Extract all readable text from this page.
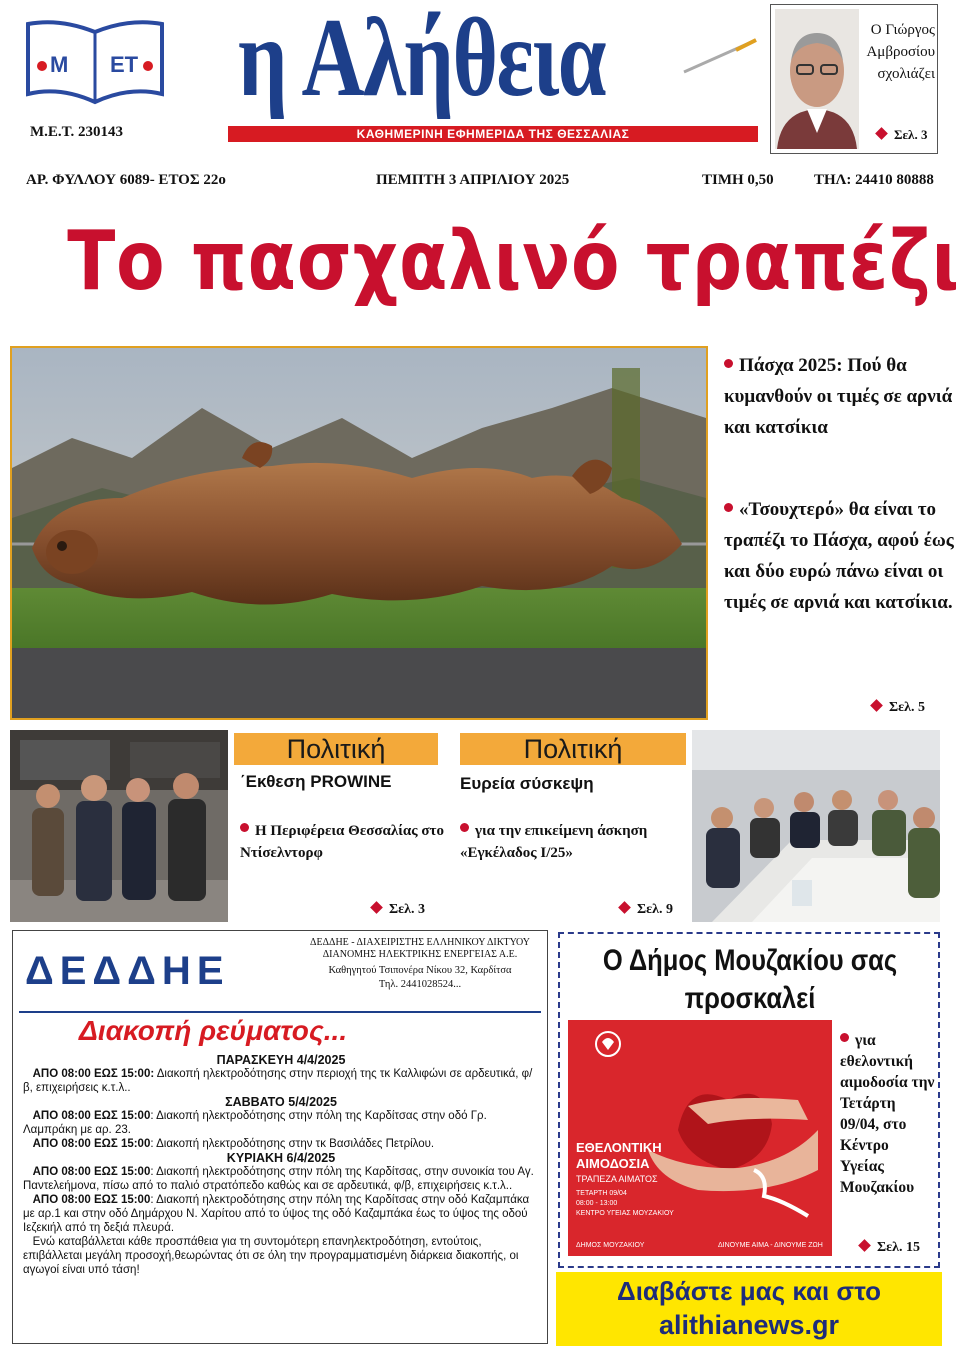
Μ ΕΤ
Μ.Ε.Τ. 230143
η Αλήθεια
ΚΑΘΗΜΕΡΙΝΗ ΕΦΗΜΕΡΙΔΑ ΤΗΣ ΘΕΣΣΑΛΙΑΣ
Ο Γιώργος
Αμβροσίου
σχολιάζει
Σελ. 3
ΑΡ. ΦΥΛΛΟΥ 6089- ΕΤΟΣ 22ο	ΠΕΜΠΤΗ 3 ΑΠΡΙΛΙΟΥ 2025	ΤΙΜΗ 0,50	ΤΗΛ: 24410 80888
Το πασχαλινό τραπέζι
Πάσχα 2025: Πού θα κυμανθούν οι τιμές σε αρνιά και κατσίκια
«Τσουχτερό» θα είναι το τραπέζι το Πάσχα, αφού έως και δύο ευρώ πάνω είναι οι τιμές σε αρνιά και κατσίκια.
Σελ. 5
Πολιτική
΄Εκθεση PROWINE
Η Περιφέρεια Θεσσαλίας στο Ντίσελντορφ
Σελ. 3
Πολιτική
Ευρεία σύσκεψη
για την επικείμενη άσκηση «Εγκέλαδος Ι/25»
Σελ. 9
ΔΕΔΔΗΕ
ΔΕΔΔΗΕ - ΔΙΑΧΕΙΡΙΣΤΗΣ ΕΛΛΗΝΙΚΟΥ ΔΙΚΤΥΟΥ ΔΙΑΝΟΜΗΣ ΗΛΕΚΤΡΙΚΗΣ ΕΝΕΡΓΕΙΑΣ Α.Ε.
Καθηγητού Τσιπονέρα Νίκου 32, Καρδίτσα
Τηλ. 2441028524...
Διακοπή ρεύματος...
ΠΑΡΑΣΚΕΥΗ 4/4/2025
ΑΠΟ 08:00 ΕΩΣ 15:00: Διακοπή ηλεκτροδότησης στην περιοχή της τκ Καλλιφώνι σε αρδευτικά, φ/β, επιχειρήσεις κ.τ.λ..
ΣΑΒΒΑΤΟ 5/4/2025
ΑΠΟ 08:00 ΕΩΣ 15:00: Διακοπή ηλεκτροδότησης στην πόλη της Καρδίτσας στην οδό Γρ. Λαμπράκη με αρ. 23.
ΑΠΟ 08:00 ΕΩΣ 15:00: Διακοπή ηλεκτροδότησης στην τκ Βασιλάδες Πετρίλου.
ΚΥΡΙΑΚΗ 6/4/2025
ΑΠΟ 08:00 ΕΩΣ 15:00: Διακοπή ηλεκτροδότησης στην πόλη της Καρδίτσας, στην συνοικία του Αγ. Παντελεήμονα, πίσω από το παλιό στρατόπεδο καθώς και σε αρδευτικά, φ/β, επιχειρήσεις κ.τ.λ..
ΑΠΟ 08:00 ΕΩΣ 15:00: Διακοπή ηλεκτροδότησης στην πόλη της Καρδίτσας στην οδό Καζαμπάκα με αρ.1 και στην οδό Δημάρχου Ν. Χαρίτου από το ύψος της οδό Καζαμπάκα έως το ύψος της οδού Ιεζεκιήλ από τη δεξιά πλευρά.
Ενώ καταβάλλεται κάθε προσπάθεια για τη συντομότερη επανηλεκτροδότηση, εντούτοις, επιβάλλεται μεγάλη προσοχή,θεωρώντας ότι σε όλη την προγραμματισμένη διάρκεια διακοπής, οι αγωγοί είναι υπό τάση!
Ο Δήμος Μουζακίου σας
προσκαλεί
ΕΘΕΛΟΝΤΙΚΗ
ΑΙΜΟΔΟΣΙΑ
ΤΡΑΠΕΖΑ ΑΙΜΑΤΟΣ
ΤΕΤΑΡΤΗ 09/04
08:00 - 13:00
ΚΕΝΤΡΟ ΥΓΕΙΑΣ ΜΟΥΖΑΚΙΟΥ
ΔΗΜΟΣ ΜΟΥΖΑΚΙΟΥ	ΔΙΝΟΥΜΕ ΑΙΜΑ - ΔΙΝΟΥΜΕ ΖΩΗ
για εθελοντική αιμοδοσία την Τετάρτη 09/04, στο Κέντρο Υγείας Μουζακίου
Σελ. 15
Διαβάστε μας και στο
alithianews.gr
